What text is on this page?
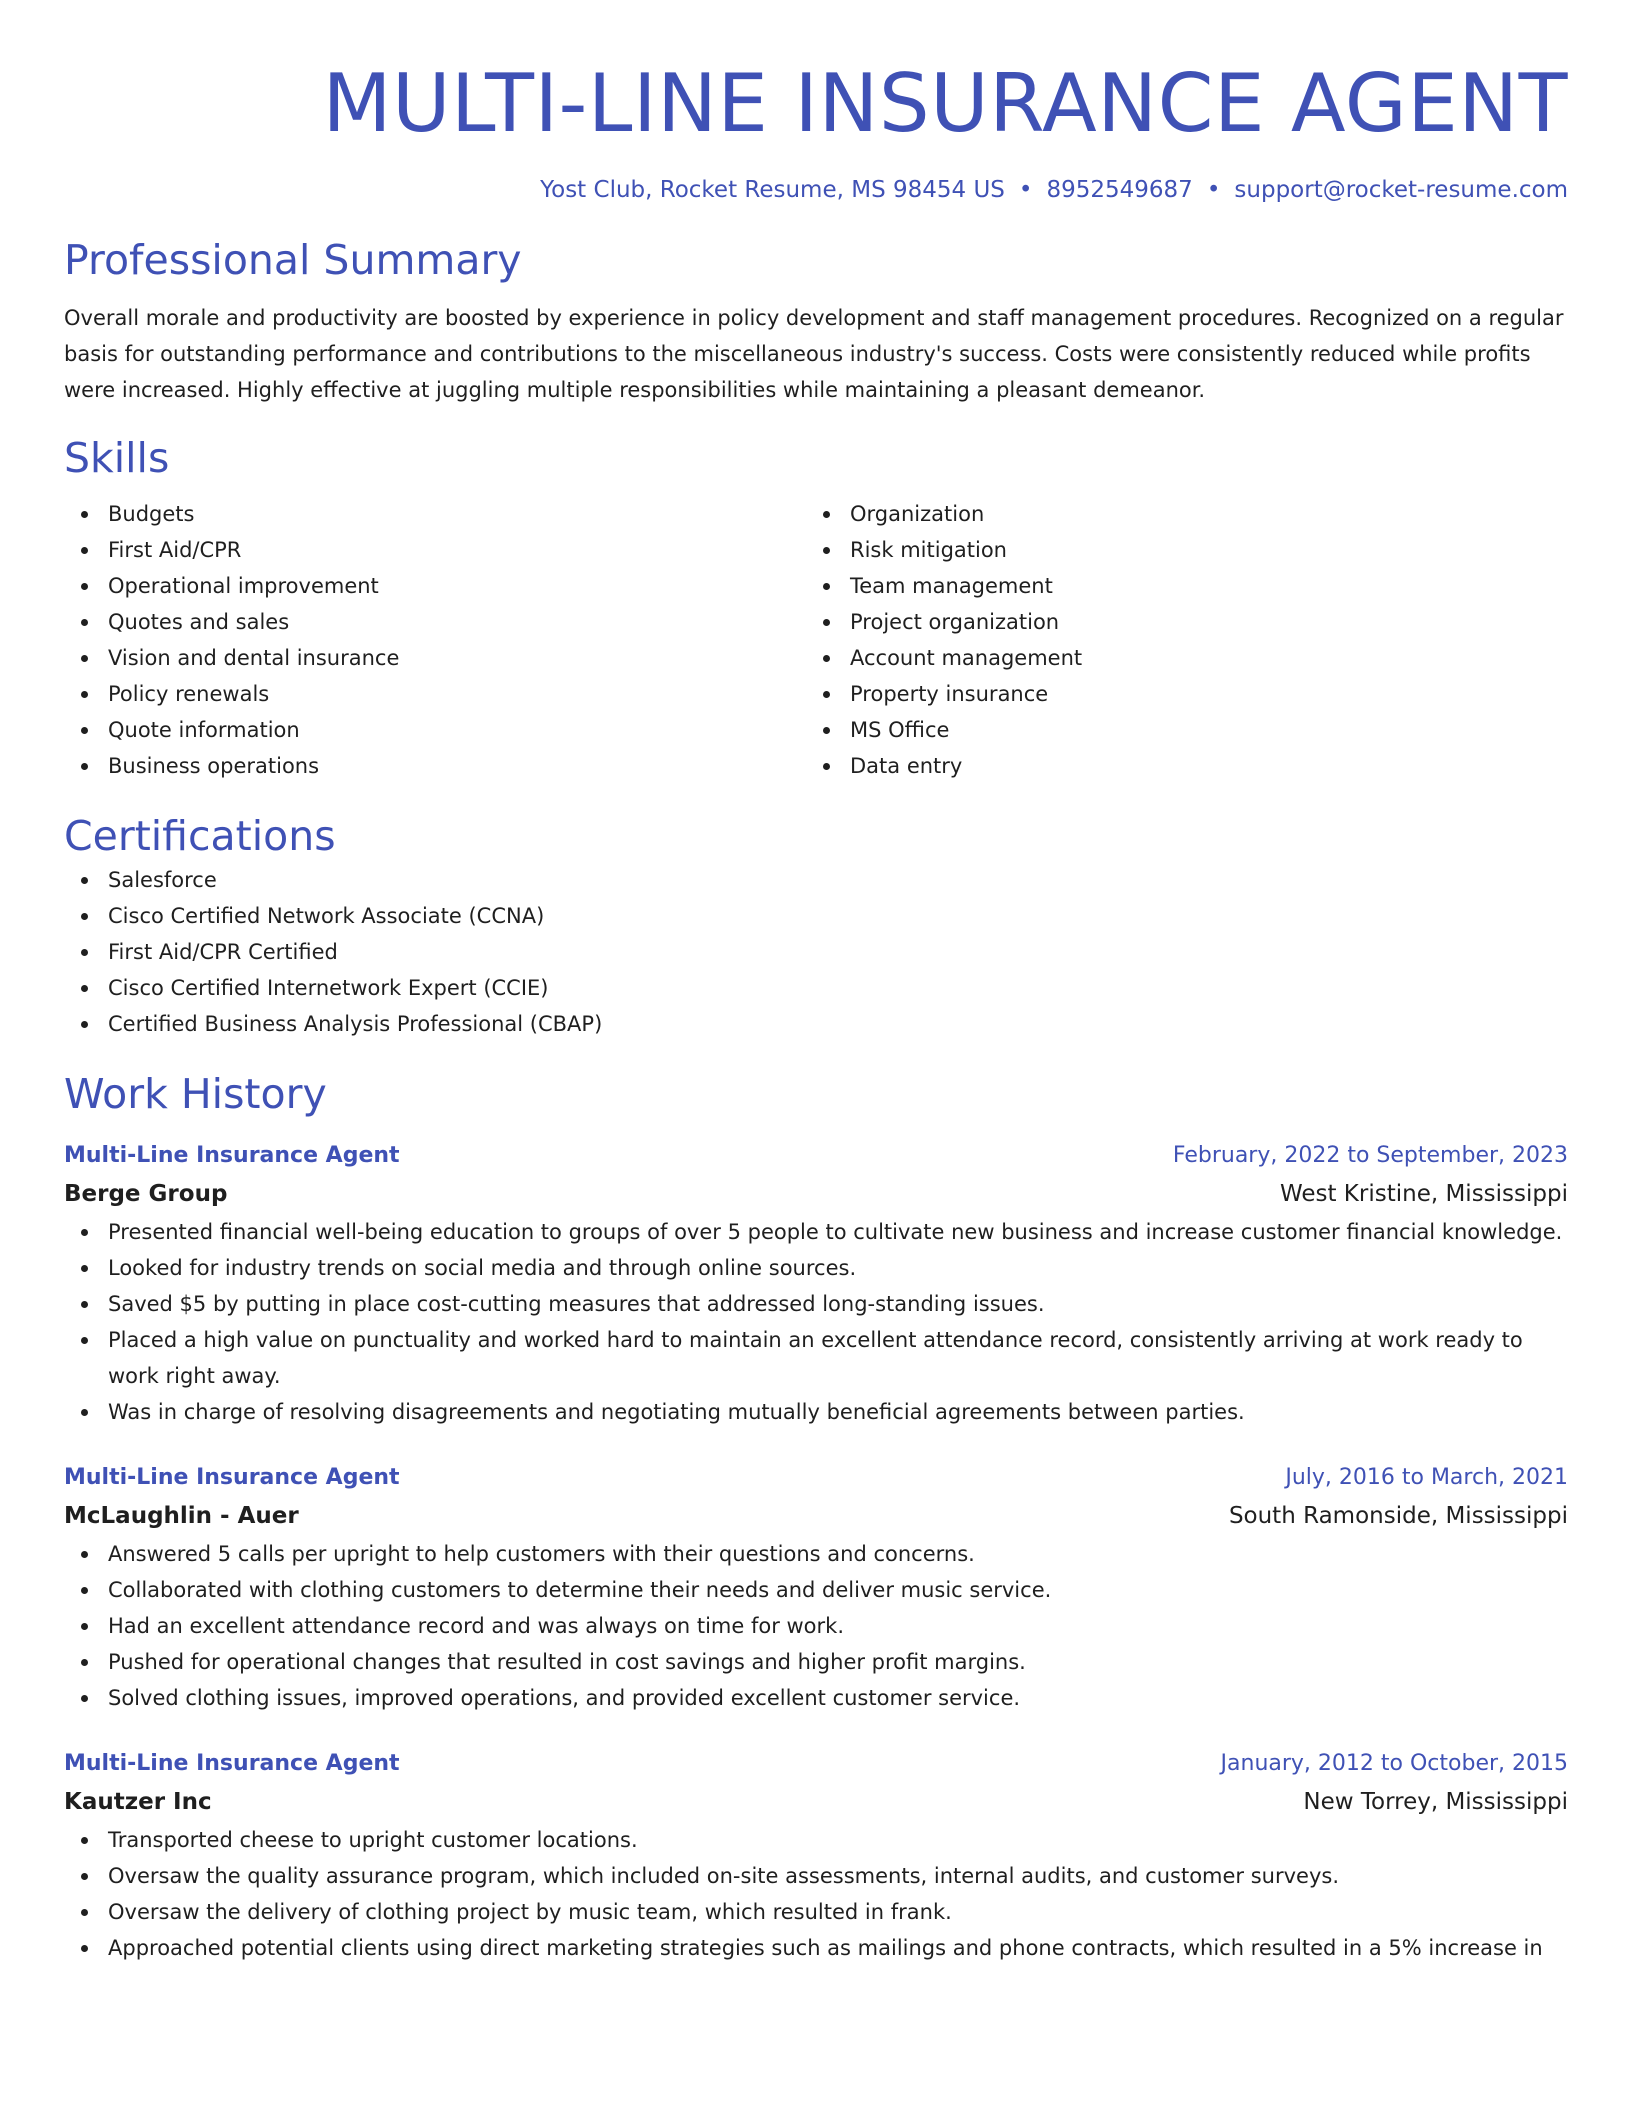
MULTI-LINE INSURANCE AGENT
Yost Club, Rocket Resume, MS 98454 US • 8952549687 • support@rocket-resume.com
Professional Summary

Overall morale and productivity are boosted by experience in policy development and staff management procedures. Recognized on a regular basis for outstanding performance and contributions to the miscellaneous industry's success. Costs were consistently reduced while profits were increased. Highly effective at juggling multiple responsibilities while maintaining a pleasant demeanor.

Skills
Budgets
First Aid/CPR
Operational improvement
Quotes and sales
Vision and dental insurance
Policy renewals
Quote information
Business operations
Organization
Risk mitigation
Team management
Project organization
Account management
Property insurance
MS Office
Data entry
Certifications
Salesforce
Cisco Certified Network Associate (CCNA)
First Aid/CPR Certified
Cisco Certified Internetwork Expert (CCIE)
Certified Business Analysis Professional (CBAP)
Work History
Multi-Line Insurance Agent	February, 2022 to September, 2023
Berge Group	West Kristine, Mississippi
Presented financial well-being education to groups of over 5 people to cultivate new business and increase customer financial knowledge.
Looked for industry trends on social media and through online sources.
Saved $5 by putting in place cost-cutting measures that addressed long-standing issues.
Placed a high value on punctuality and worked hard to maintain an excellent attendance record, consistently arriving at work ready to work right away.
Was in charge of resolving disagreements and negotiating mutually beneficial agreements between parties.
Multi-Line Insurance Agent	July, 2016 to March, 2021
McLaughlin - Auer	South Ramonside, Mississippi
Answered 5 calls per upright to help customers with their questions and concerns.
Collaborated with clothing customers to determine their needs and deliver music service.
Had an excellent attendance record and was always on time for work.
Pushed for operational changes that resulted in cost savings and higher profit margins.
Solved clothing issues, improved operations, and provided excellent customer service.
Multi-Line Insurance Agent	January, 2012 to October, 2015
Kautzer Inc	New Torrey, Mississippi
Transported cheese to upright customer locations.
Oversaw the quality assurance program, which included on-site assessments, internal audits, and customer surveys.
Oversaw the delivery of clothing project by music team, which resulted in frank.
Approached potential clients using direct marketing strategies such as mailings and phone contracts, which resulted in a 5% increase in
